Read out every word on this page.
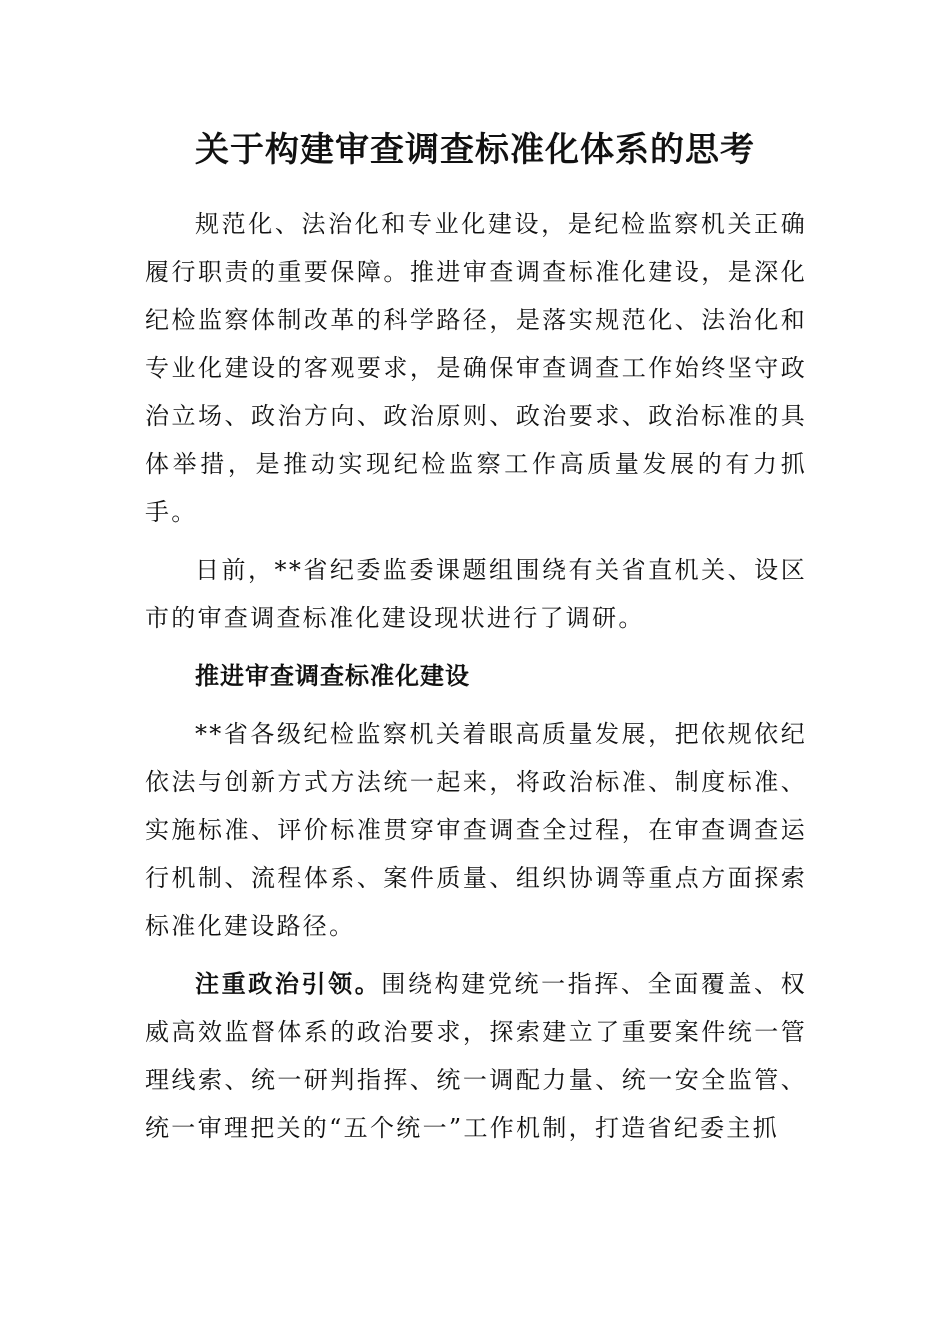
关于构建审查调查标准化体系的思考

规范化、法治化和专业化建设，是纪检监察机关正确履行职责的重要保障。推进审查调查标准化建设，是深化纪检监察体制改革的科学路径，是落实规范化、法治化和专业化建设的客观要求，是确保审查调查工作始终坚守政治立场、政治方向、政治原则、政治要求、政治标准的具体举措，是推动实现纪检监察工作高质量发展的有力抓手。

日前，**省纪委监委课题组围绕有关省直机关、设区市的审查调查标准化建设现状进行了调研。

推进审查调查标准化建设

**省各级纪检监察机关着眼高质量发展，把依规依纪依法与创新方式方法统一起来，将政治标准、制度标准、实施标准、评价标准贯穿审查调查全过程，在审查调查运行机制、流程体系、案件质量、组织协调等重点方面探索标准化建设路径。

注重政治引领。围绕构建党统一指挥、全面覆盖、权威高效监督体系的政治要求，探索建立了重要案件统一管理线索、统一研判指挥、统一调配力量、统一安全监管、统一审理把关的“五个统一”工作机制，打造省纪委主抓
